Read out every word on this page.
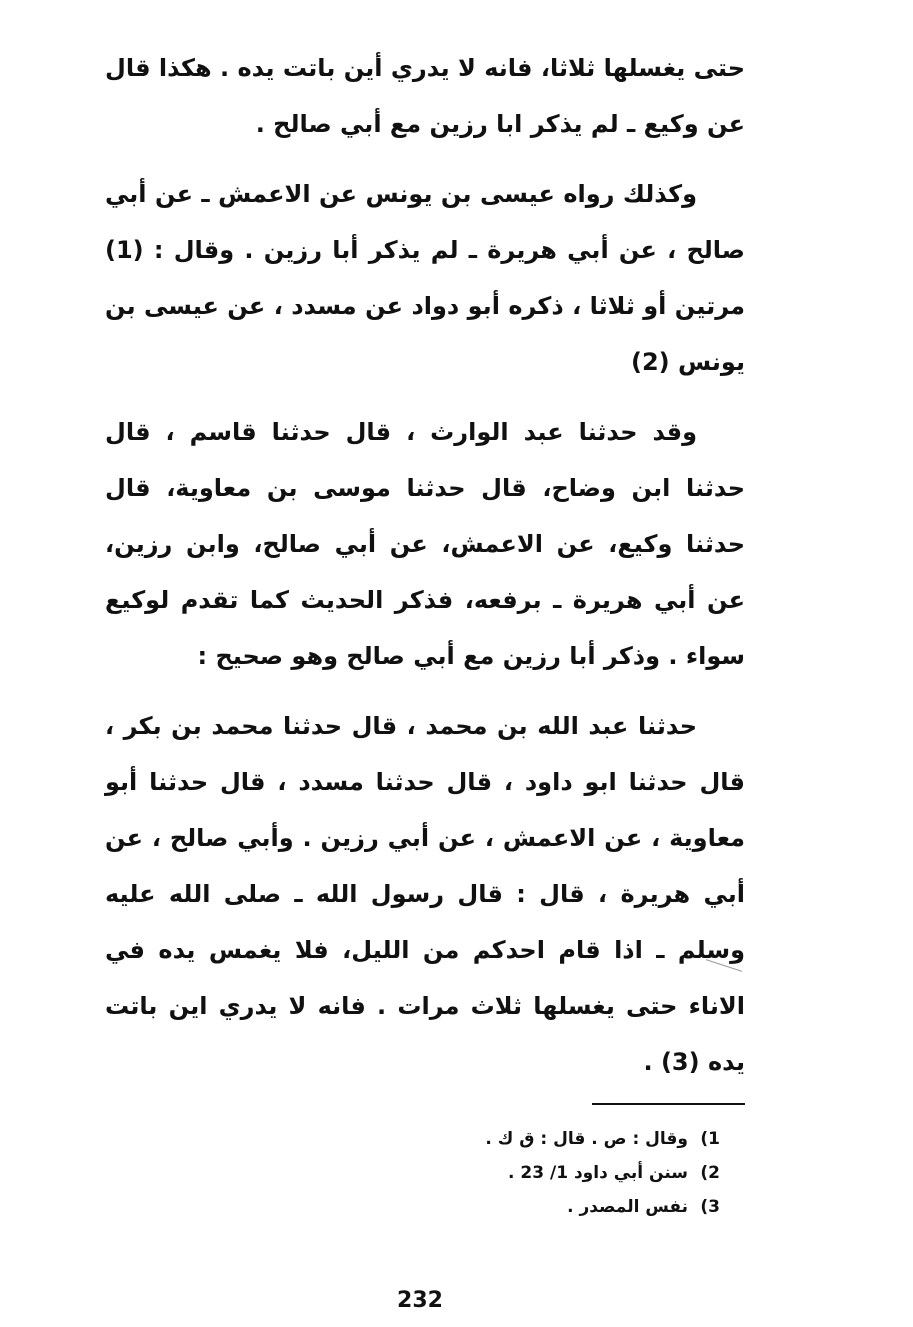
حتى يغسلها ثلاثا، فانه لا يدري أين باتت يده . هكذا قال عن وكيع ـ لم يذكر ابا رزين مع أبي صالح .

وكذلك رواه عيسى بن يونس عن الاعمش ـ عن أبي صالح ، عن أبي هريرة ـ لم يذكر أبا رزين . وقال : (1) مرتين أو ثلاثا ، ذكره أبو دواد عن مسدد ، عن عيسى بن يونس (2)

وقد حدثنا عبد الوارث ، قال حدثنا قاسم ، قال حدثنا ابن وضاح، قال حدثنا موسى بن معاوية، قال حدثنا وكيع، عن الاعمش، عن أبي صالح، وابن رزين، عن أبي هريرة ـ برفعه، فذكر الحديث كما تقدم لوكيع سواء . وذكر أبا رزين مع أبي صالح وهو صحيح :

حدثنا عبد الله بن محمد ، قال حدثنا محمد بن بكر ، قال حدثنا ابو داود ، قال حدثنا مسدد ، قال حدثنا أبو معاوية ، عن الاعمش ، عن أبي رزين . وأبي صالح ، عن أبي هريرة ، قال : قال رسول الله ـ صلى الله عليه وسلم ـ اذا قام احدكم من الليل، فلا يغمس يده في الاناء حتى يغسلها ثلاث مرات . فانه لا يدري اين باتت يده (3) .

1)
وقال : ص . قال : ق ك .
2)
سنن أبي داود 1/ 23 .
3)
نفس المصدر .
232
